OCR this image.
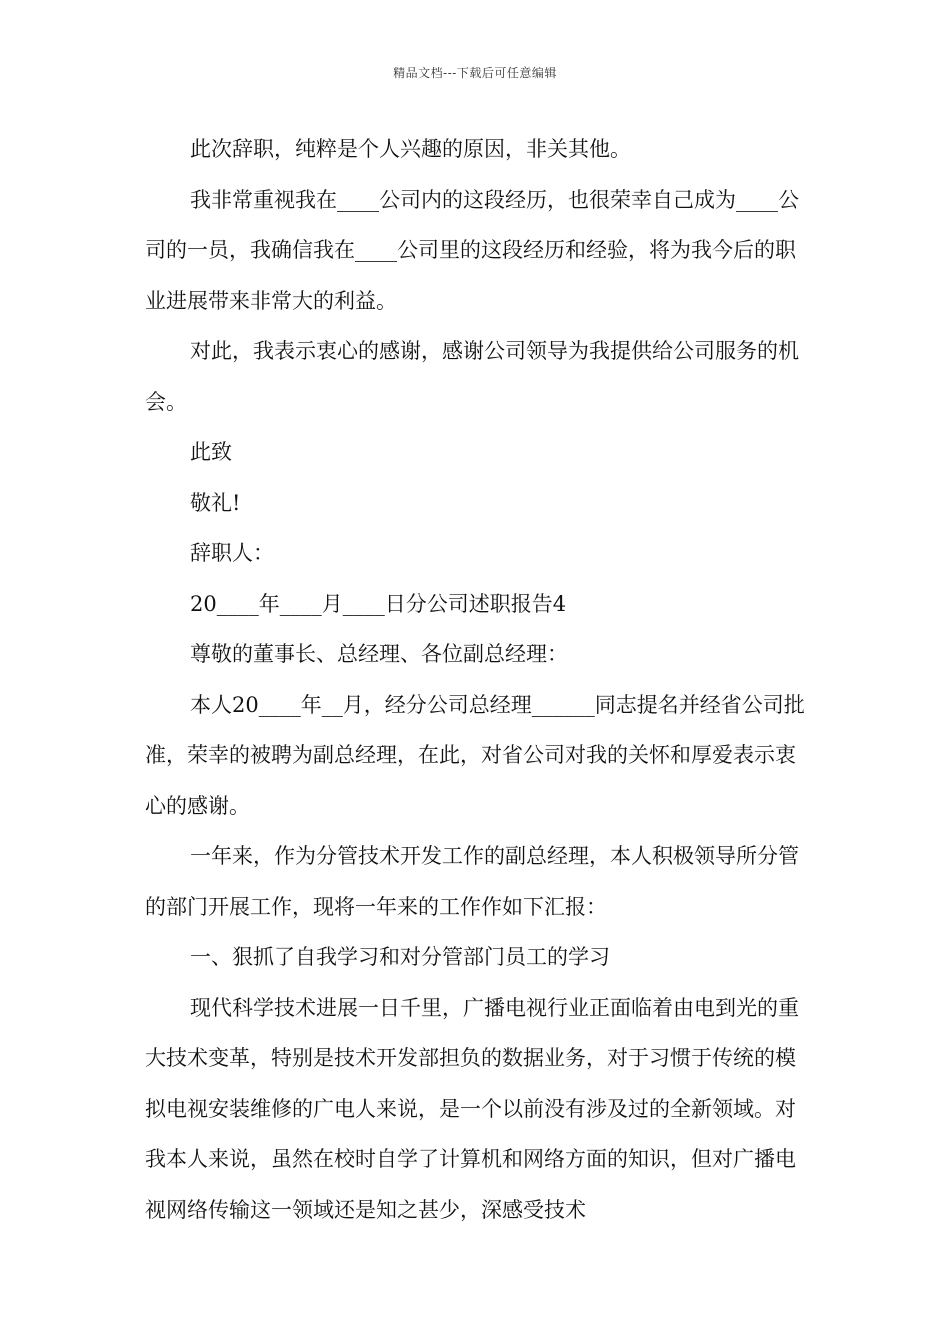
精品文档---下载后可任意编辑

此次辞职，纯粹是个人兴趣的原因，非关其他。

我非常重视我在____公司内的这段经历，也很荣幸自己成为____公司的一员，我确信我在____公司里的这段经历和经验，将为我今后的职业进展带来非常大的利益。

对此，我表示衷心的感谢，感谢公司领导为我提供给公司服务的机会。

此致

敬礼!

辞职人：

20____年____月____日分公司述职报告4

尊敬的董事长、总经理、各位副总经理：

本人20____年__月，经分公司总经理______同志提名并经省公司批准，荣幸的被聘为副总经理，在此，对省公司对我的关怀和厚爱表示衷心的感谢。

一年来，作为分管技术开发工作的副总经理，本人积极领导所分管的部门开展工作，现将一年来的工作作如下汇报：

一、狠抓了自我学习和对分管部门员工的学习

现代科学技术进展一日千里，广播电视行业正面临着由电到光的重大技术变革，特别是技术开发部担负的数据业务，对于习惯于传统的模拟电视安装维修的广电人来说，是一个以前没有涉及过的全新领域。对我本人来说，虽然在校时自学了计算机和网络方面的知识，但对广播电视网络传输这一领域还是知之甚少，深感受技术
